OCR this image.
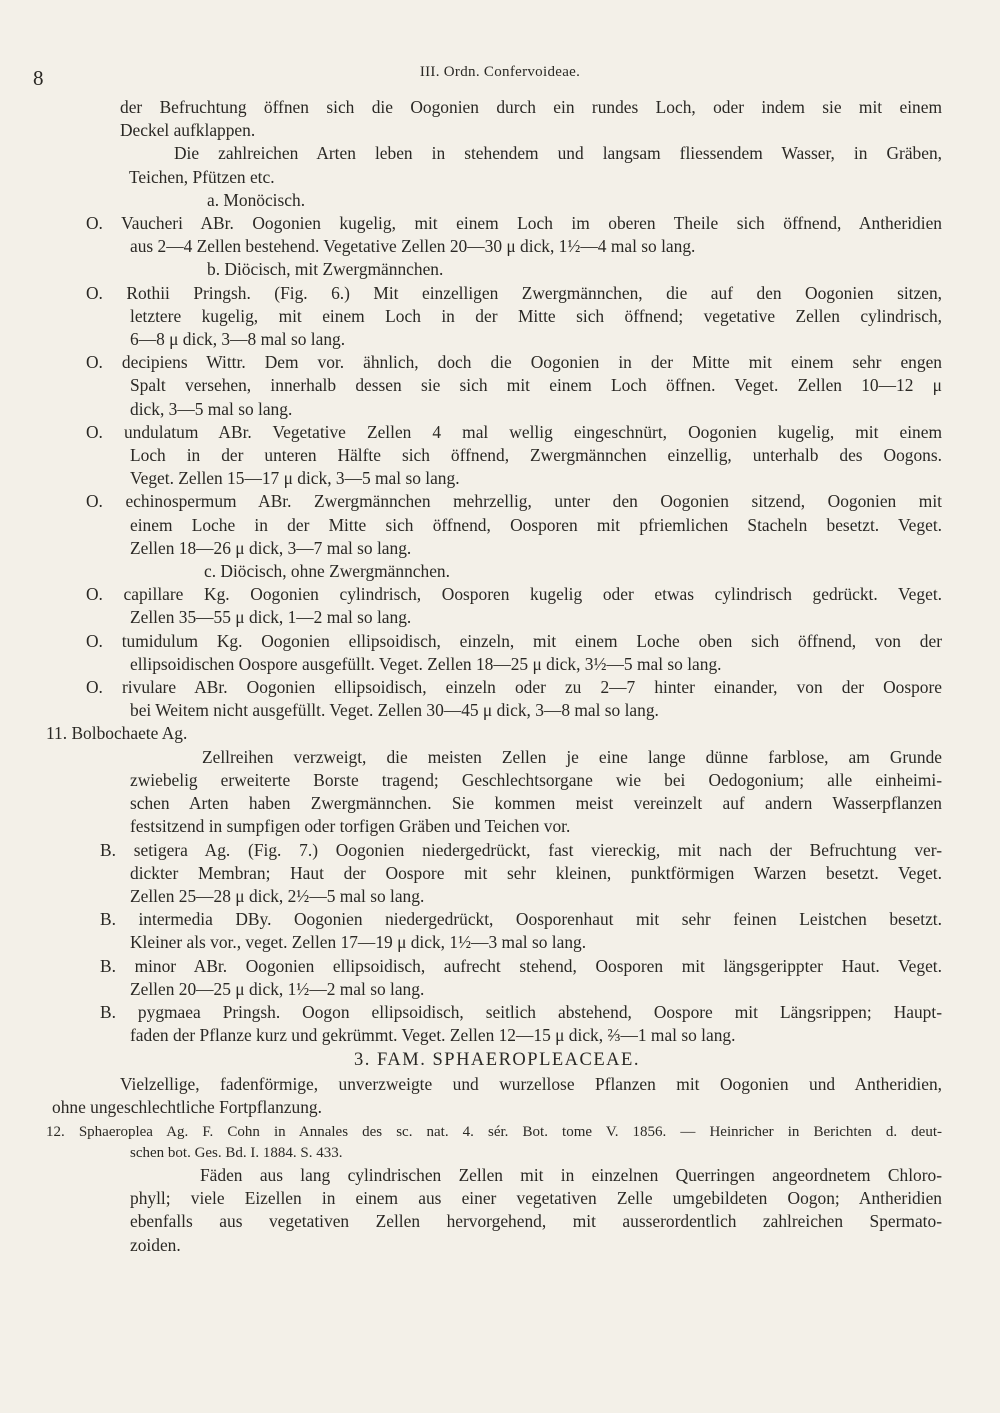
8	III. Ordn. Confervoideae.
der Befruchtung öffnen sich die Oogonien durch ein rundes Loch, oder indem sie mit einem
Deckel aufklappen.
Die zahlreichen Arten leben in stehendem und langsam fliessendem Wasser, in Gräben,
Teichen, Pfützen etc.
a. Monöcisch.
O. Vaucheri ABr. Oogonien kugelig, mit einem Loch im oberen Theile sich öffnend, Antheridien
aus 2—4 Zellen bestehend. Vegetative Zellen 20—30 μ dick, 1½—4 mal so lang.
b. Diöcisch, mit Zwergmännchen.
O. Rothii Pringsh. (Fig. 6.) Mit einzelligen Zwergmännchen, die auf den Oogonien sitzen,
letztere kugelig, mit einem Loch in der Mitte sich öffnend; vegetative Zellen cylindrisch,
6—8 μ dick, 3—8 mal so lang.
O. decipiens Wittr. Dem vor. ähnlich, doch die Oogonien in der Mitte mit einem sehr engen
Spalt versehen, innerhalb dessen sie sich mit einem Loch öffnen. Veget. Zellen 10—12 μ
dick, 3—5 mal so lang.
O. undulatum ABr. Vegetative Zellen 4 mal wellig eingeschnürt, Oogonien kugelig, mit einem
Loch in der unteren Hälfte sich öffnend, Zwergmännchen einzellig, unterhalb des Oogons.
Veget. Zellen 15—17 μ dick, 3—5 mal so lang.
O. echinospermum ABr. Zwergmännchen mehrzellig, unter den Oogonien sitzend, Oogonien mit
einem Loche in der Mitte sich öffnend, Oosporen mit pfriemlichen Stacheln besetzt. Veget.
Zellen 18—26 μ dick, 3—7 mal so lang.
c. Diöcisch, ohne Zwergmännchen.
O. capillare Kg. Oogonien cylindrisch, Oosporen kugelig oder etwas cylindrisch gedrückt. Veget.
Zellen 35—55 μ dick, 1—2 mal so lang.
O. tumidulum Kg. Oogonien ellipsoidisch, einzeln, mit einem Loche oben sich öffnend, von der
ellipsoidischen Oospore ausgefüllt. Veget. Zellen 18—25 μ dick, 3½—5 mal so lang.
O. rivulare ABr. Oogonien ellipsoidisch, einzeln oder zu 2—7 hinter einander, von der Oospore
bei Weitem nicht ausgefüllt. Veget. Zellen 30—45 μ dick, 3—8 mal so lang.
11. Bolbochaete Ag.
Zellreihen verzweigt, die meisten Zellen je eine lange dünne farblose, am Grunde
zwiebelig erweiterte Borste tragend; Geschlechtsorgane wie bei Oedogonium; alle einheimi-
schen Arten haben Zwergmännchen. Sie kommen meist vereinzelt auf andern Wasserpflanzen
festsitzend in sumpfigen oder torfigen Gräben und Teichen vor.
B. setigera Ag. (Fig. 7.) Oogonien niedergedrückt, fast viereckig, mit nach der Befruchtung ver-
dickter Membran; Haut der Oospore mit sehr kleinen, punktförmigen Warzen besetzt. Veget.
Zellen 25—28 μ dick, 2½—5 mal so lang.
B. intermedia DBy. Oogonien niedergedrückt, Oosporenhaut mit sehr feinen Leistchen besetzt.
Kleiner als vor., veget. Zellen 17—19 μ dick, 1½—3 mal so lang.
B. minor ABr. Oogonien ellipsoidisch, aufrecht stehend, Oosporen mit längsgerippter Haut. Veget.
Zellen 20—25 μ dick, 1½—2 mal so lang.
B. pygmaea Pringsh. Oogon ellipsoidisch, seitlich abstehend, Oospore mit Längsrippen; Haupt-
faden der Pflanze kurz und gekrümmt. Veget. Zellen 12—15 μ dick, ⅔—1 mal so lang.
3. FAM. SPHAEROPLEACEAE.
Vielzellige, fadenförmige, unverzweigte und wurzellose Pflanzen mit Oogonien und Antheridien,
ohne ungeschlechtliche Fortpflanzung.
12. Sphaeroplea Ag. F. Cohn in Annales des sc. nat. 4. sér. Bot. tome V. 1856. — Heinricher in Berichten d. deut-
schen bot. Ges. Bd. I. 1884. S. 433.
Fäden aus lang cylindrischen Zellen mit in einzelnen Querringen angeordnetem Chloro-
phyll; viele Eizellen in einem aus einer vegetativen Zelle umgebildeten Oogon; Antheridien
ebenfalls aus vegetativen Zellen hervorgehend, mit ausserordentlich zahlreichen Spermato-
zoiden.
